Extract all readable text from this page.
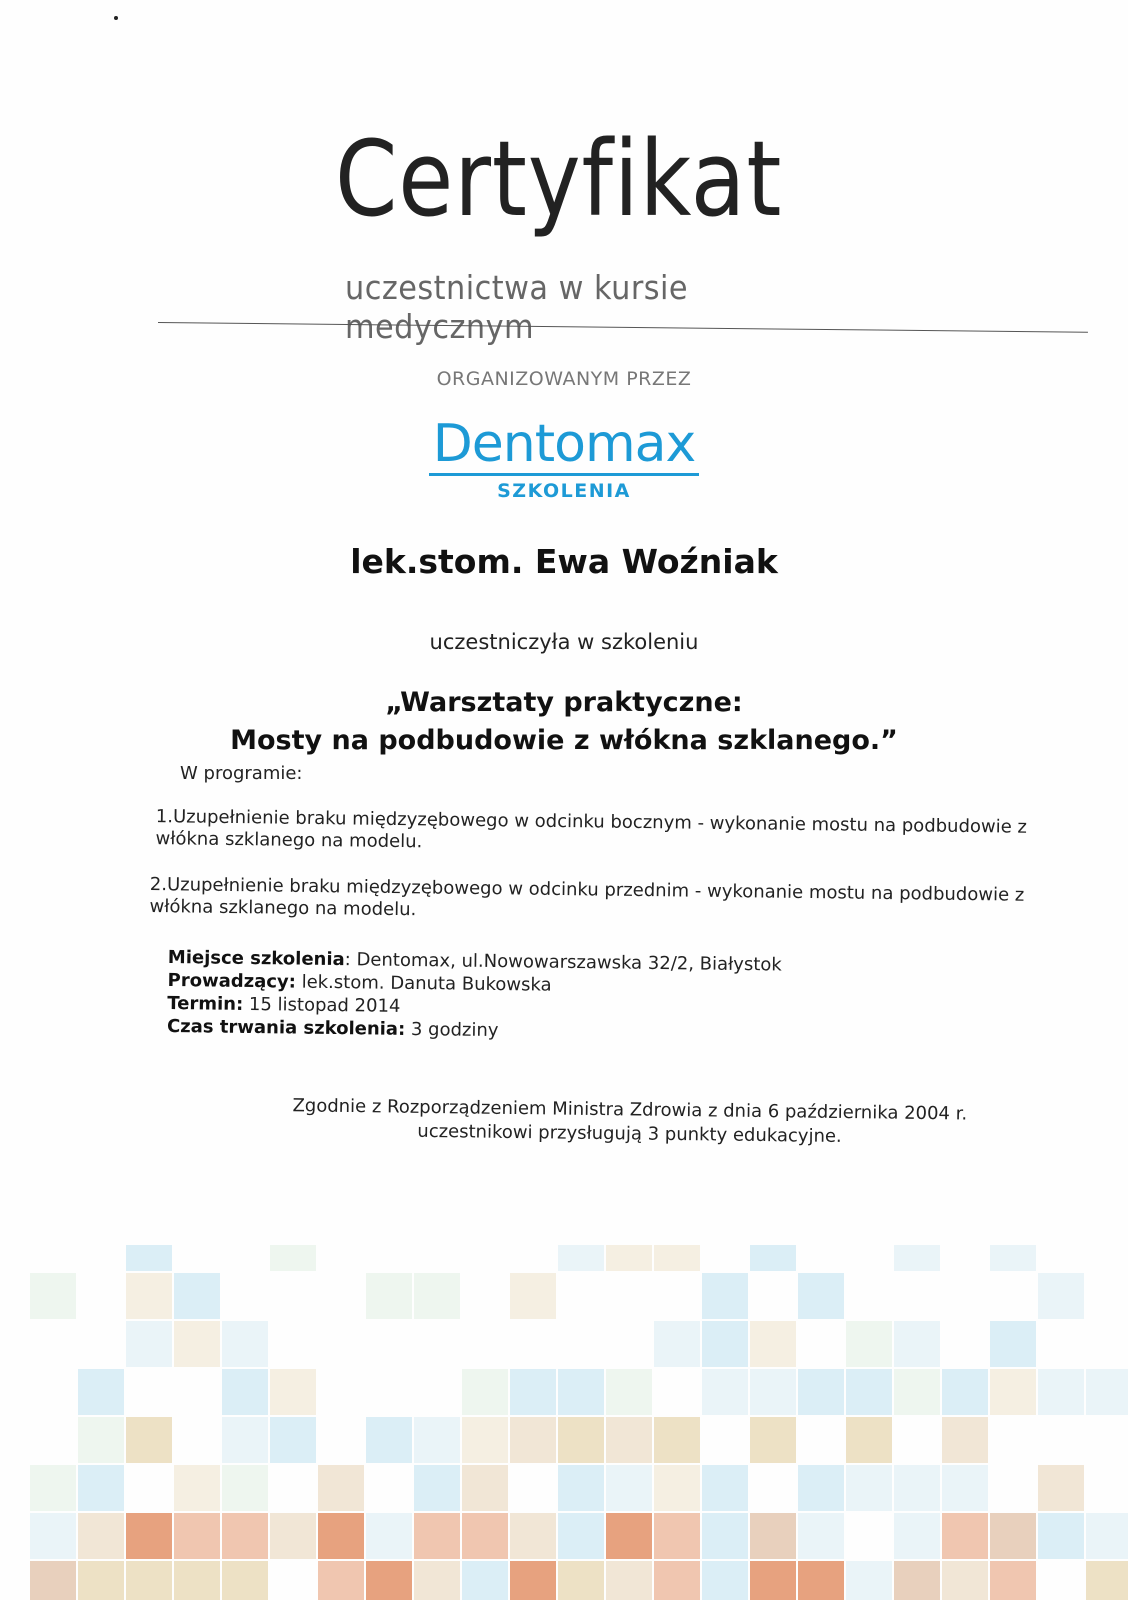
Certyfikat
uczestnictwa w kursie medycznym
ORGANIZOWANYM PRZEZ
Dentomax
SZKOLENIA
lek.stom. Ewa Woźniak
uczestniczyła w szkoleniu
„Warsztaty praktyczne:
Mosty na podbudowie z włókna szklanego.”
W programie:
1.Uzupełnienie braku międzyzębowego w odcinku bocznym - wykonanie mostu na podbudowie z włókna szklanego na modelu.
2.Uzupełnienie braku międzyzębowego w odcinku przednim - wykonanie mostu na podbudowie z włókna szklanego na modelu.
Miejsce szkolenia: Dentomax, ul.Nowowarszawska 32/2, Białystok
Prowadzący: lek.stom. Danuta Bukowska
Termin: 15 listopad 2014
Czas trwania szkolenia: 3 godziny
Zgodnie z Rozporządzeniem Ministra Zdrowia z dnia 6 października 2004 r.
uczestnikowi przysługują 3 punkty edukacyjne.
